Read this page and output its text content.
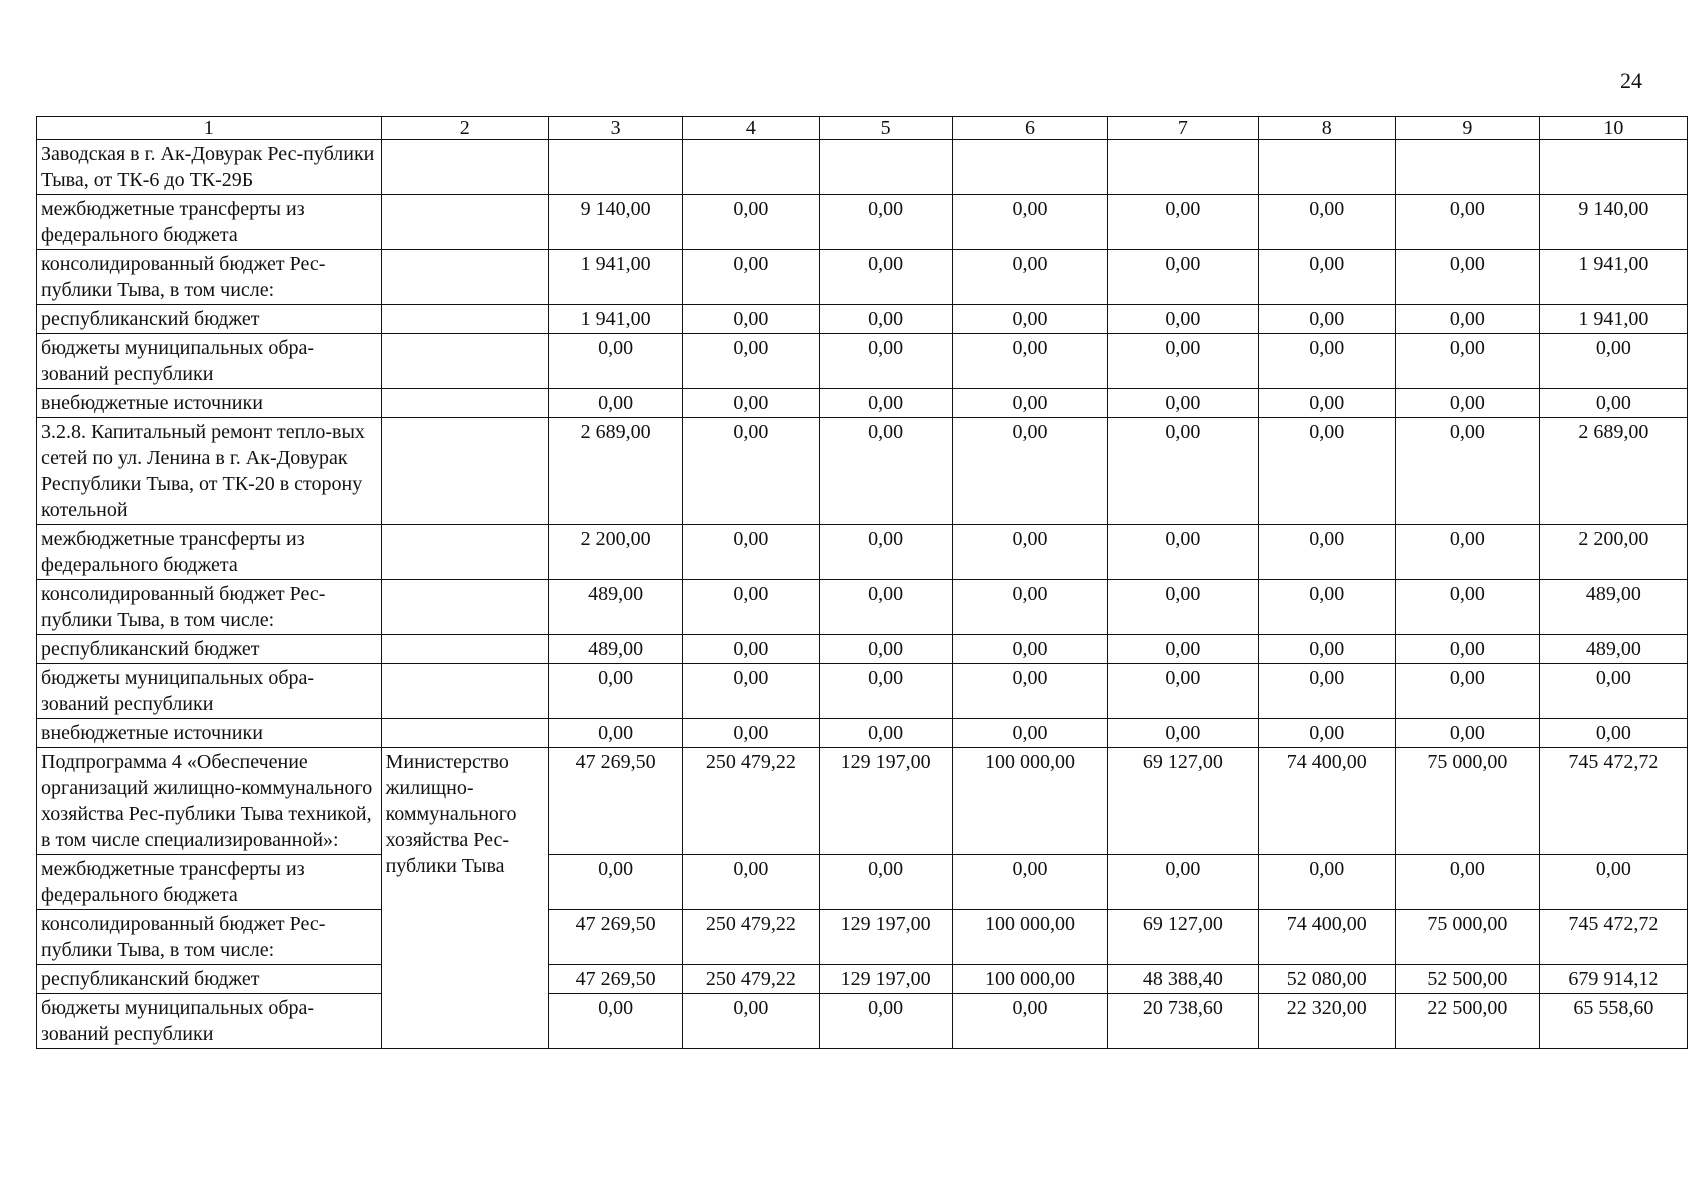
24
1	2	3	4	5	6	7	8	9	10
Заводская в г. Ак-Довурак Рес-публики Тыва, от ТК-6 до ТК-29Б									
межбюджетные трансферты из федерального бюджета		9 140,00	0,00	0,00	0,00	0,00	0,00	0,00	9 140,00
консолидированный бюджет Рес-публики Тыва, в том числе:		1 941,00	0,00	0,00	0,00	0,00	0,00	0,00	1 941,00
республиканский бюджет		1 941,00	0,00	0,00	0,00	0,00	0,00	0,00	1 941,00
бюджеты муниципальных обра-зований республики		0,00	0,00	0,00	0,00	0,00	0,00	0,00	0,00
внебюджетные источники		0,00	0,00	0,00	0,00	0,00	0,00	0,00	0,00
3.2.8. Капитальный ремонт тепло-вых сетей по ул. Ленина в г. Ак-Довурак Республики Тыва, от ТК-20 в сторону котельной		2 689,00	0,00	0,00	0,00	0,00	0,00	0,00	2 689,00
межбюджетные трансферты из федерального бюджета		2 200,00	0,00	0,00	0,00	0,00	0,00	0,00	2 200,00
консолидированный бюджет Рес-публики Тыва, в том числе:		489,00	0,00	0,00	0,00	0,00	0,00	0,00	489,00
республиканский бюджет		489,00	0,00	0,00	0,00	0,00	0,00	0,00	489,00
бюджеты муниципальных обра-зований республики		0,00	0,00	0,00	0,00	0,00	0,00	0,00	0,00
внебюджетные источники		0,00	0,00	0,00	0,00	0,00	0,00	0,00	0,00
Подпрограмма 4 «Обеспечение организаций жилищно-коммунального хозяйства Рес-публики Тыва техникой, в том числе специализированной»:	Министерство жилищно-коммунального хозяйства Рес-публики Тыва	47 269,50	250 479,22	129 197,00	100 000,00	69 127,00	74 400,00	75 000,00	745 472,72
межбюджетные трансферты из федерального бюджета		0,00	0,00	0,00	0,00	0,00	0,00	0,00	0,00
консолидированный бюджет Рес-публики Тыва, в том числе:		47 269,50	250 479,22	129 197,00	100 000,00	69 127,00	74 400,00	75 000,00	745 472,72
республиканский бюджет		47 269,50	250 479,22	129 197,00	100 000,00	48 388,40	52 080,00	52 500,00	679 914,12
бюджеты муниципальных обра-зований республики		0,00	0,00	0,00	0,00	20 738,60	22 320,00	22 500,00	65 558,60
